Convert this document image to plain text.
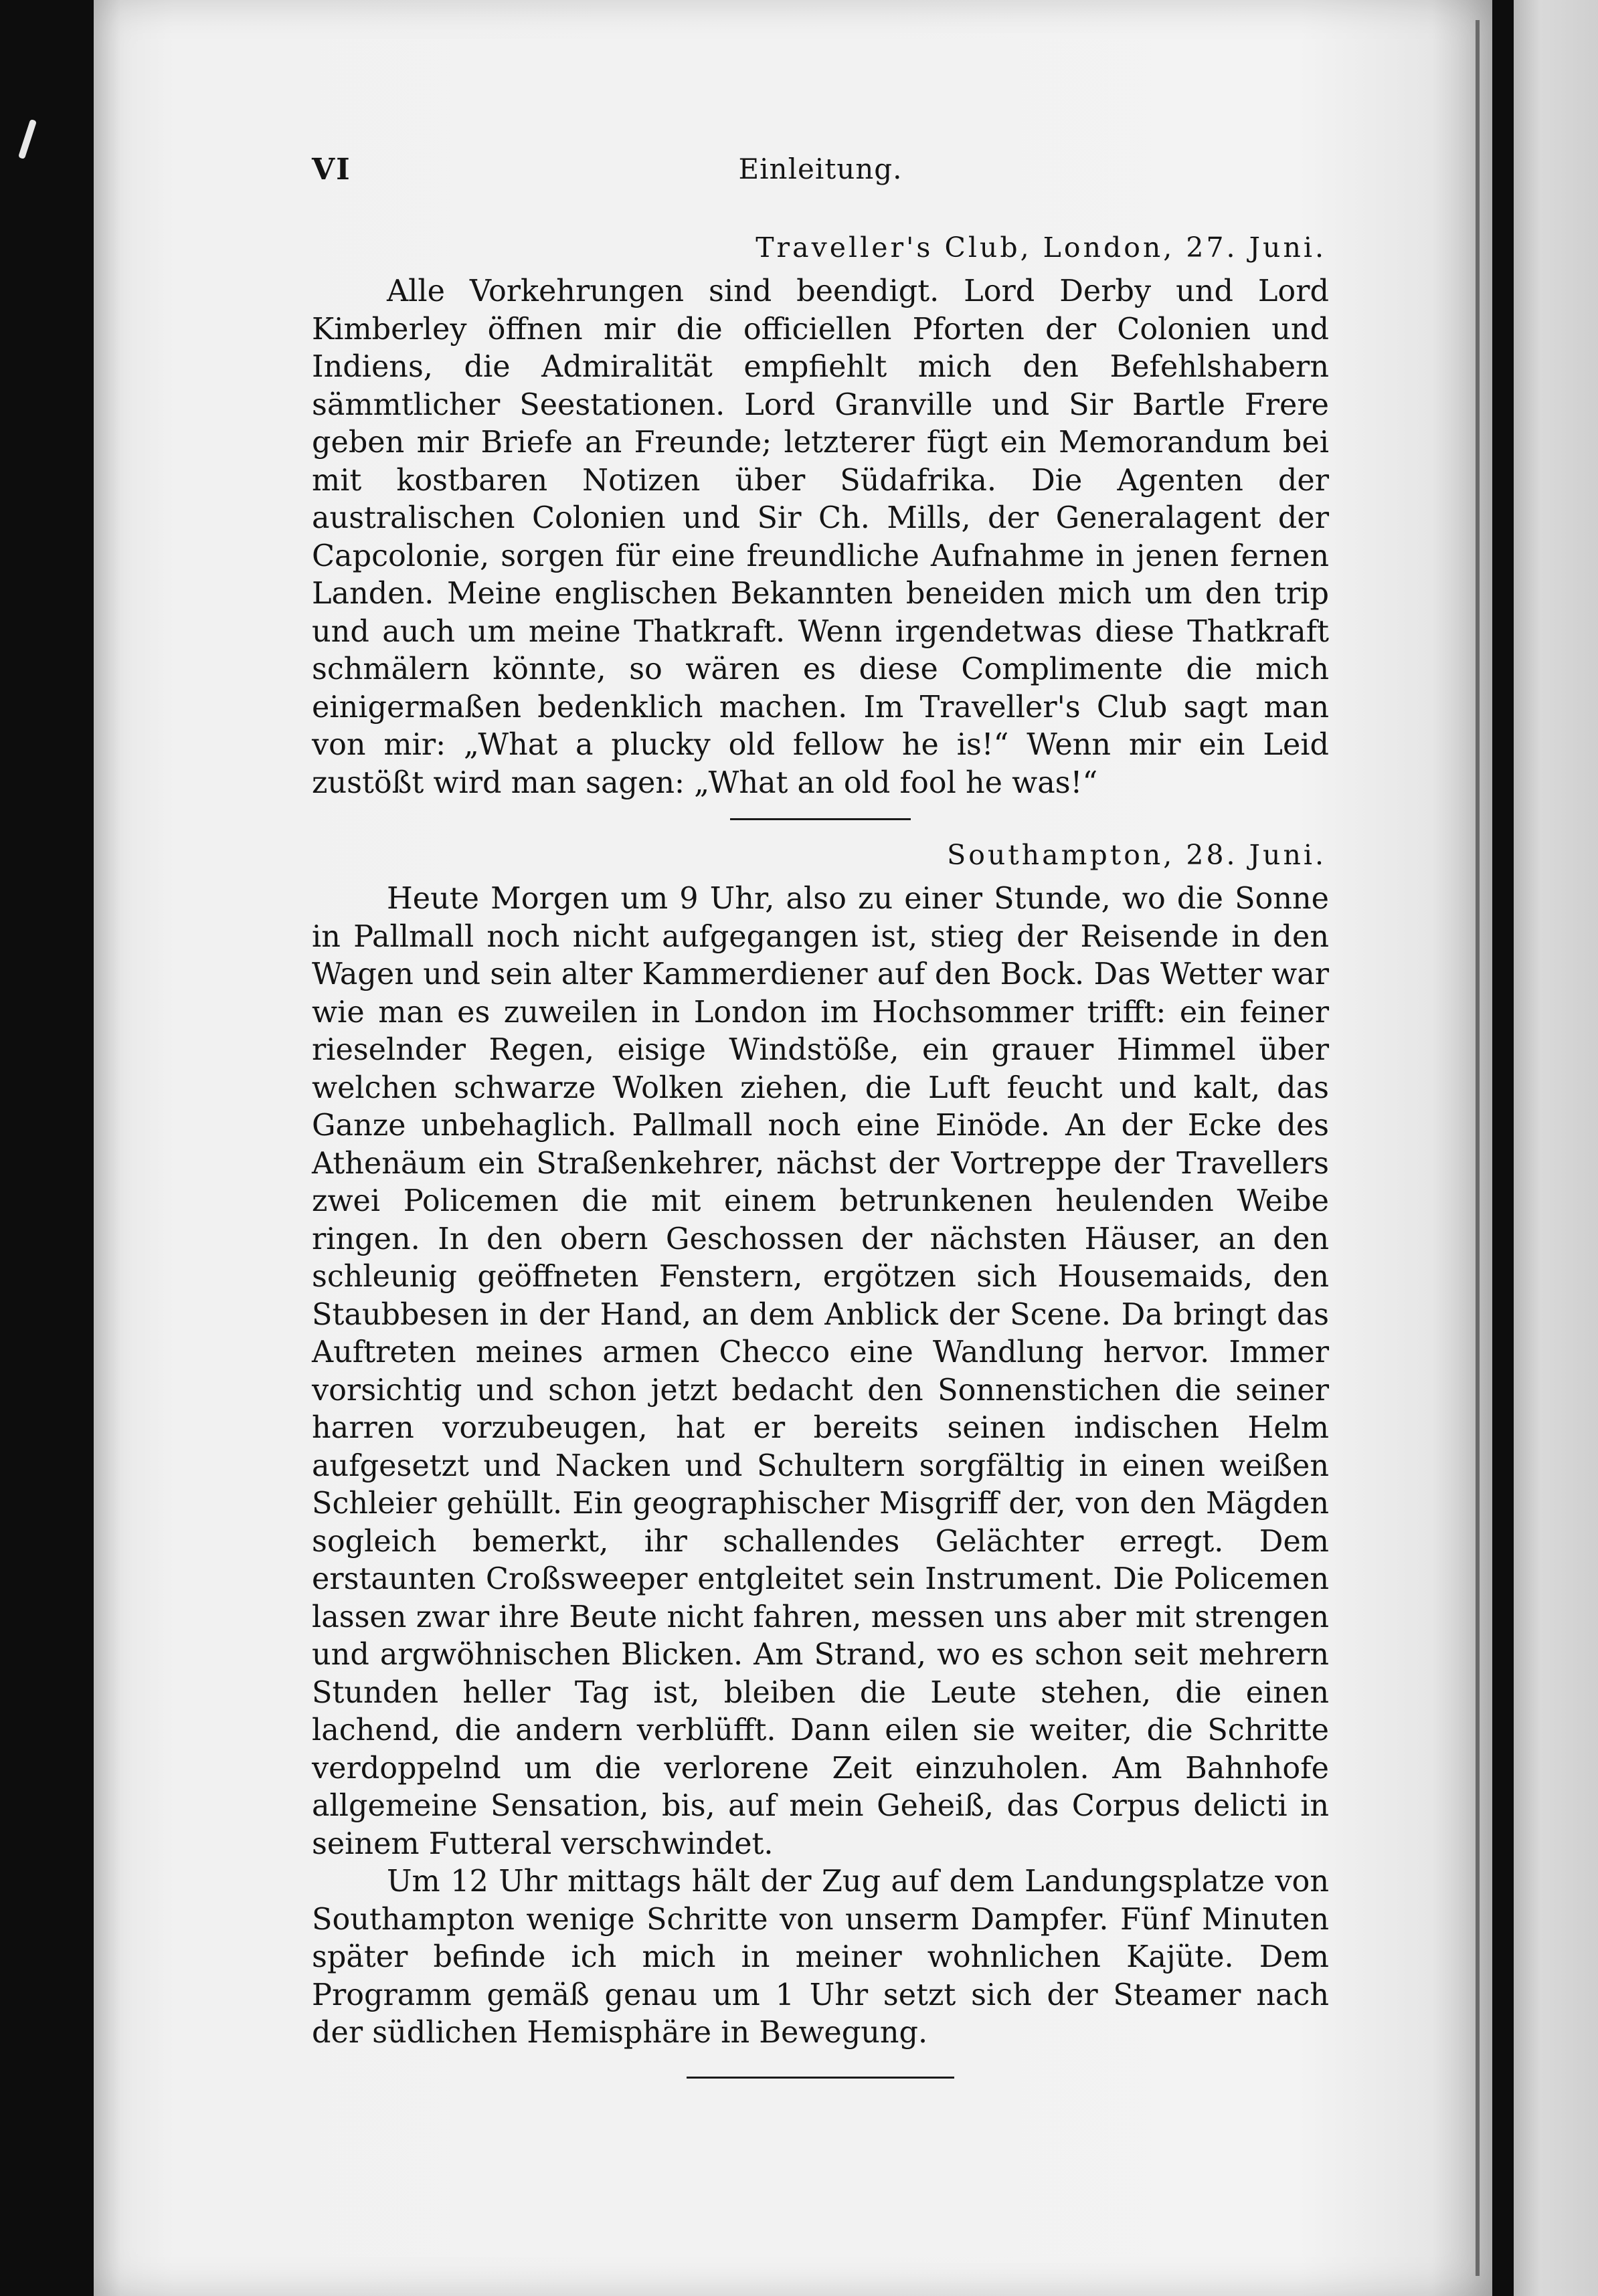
VI	Einleitung.
Traveller's Club, London, 27. Juni.

Alle Vorkehrungen sind beendigt. Lord Derby und Lord Kimberley öffnen mir die officiellen Pforten der Colonien und Indiens, die Admiralität empfiehlt mich den Befehlshabern sämmtlicher Seestationen. Lord Granville und Sir Bartle Frere geben mir Briefe an Freunde; letzterer fügt ein Memorandum bei mit kostbaren Notizen über Südafrika. Die Agenten der australischen Colonien und Sir Ch. Mills, der Generalagent der Capcolonie, sorgen für eine freundliche Aufnahme in jenen fernen Landen. Meine englischen Bekannten beneiden mich um den trip und auch um meine Thatkraft. Wenn irgendetwas diese Thatkraft schmälern könnte, so wären es diese Complimente die mich einigermaßen bedenklich machen. Im Traveller's Club sagt man von mir: „What a plucky old fellow he is!“ Wenn mir ein Leid zustößt wird man sagen: „What an old fool he was!“

Southampton, 28. Juni.

Heute Morgen um 9 Uhr, also zu einer Stunde, wo die Sonne in Pallmall noch nicht aufgegangen ist, stieg der Reisende in den Wagen und sein alter Kammerdiener auf den Bock. Das Wetter war wie man es zuweilen in London im Hochsommer trifft: ein feiner rieselnder Regen, eisige Windstöße, ein grauer Himmel über welchen schwarze Wolken ziehen, die Luft feucht und kalt, das Ganze unbehaglich. Pallmall noch eine Einöde. An der Ecke des Athenäum ein Straßenkehrer, nächst der Vortreppe der Travellers zwei Policemen die mit einem betrunkenen heulenden Weibe ringen. In den obern Geschossen der nächsten Häuser, an den schleunig geöffneten Fenstern, ergötzen sich Housemaids, den Staubbesen in der Hand, an dem Anblick der Scene. Da bringt das Auftreten meines armen Checco eine Wandlung hervor. Immer vorsichtig und schon jetzt bedacht den Sonnenstichen die seiner harren vorzubeugen, hat er bereits seinen indischen Helm aufgesetzt und Nacken und Schultern sorgfältig in einen weißen Schleier gehüllt. Ein geographischer Misgriff der, von den Mägden sogleich bemerkt, ihr schallendes Gelächter erregt. Dem erstaunten Croßsweeper entgleitet sein Instrument. Die Policemen lassen zwar ihre Beute nicht fahren, messen uns aber mit strengen und argwöhnischen Blicken. Am Strand, wo es schon seit mehrern Stunden heller Tag ist, bleiben die Leute stehen, die einen lachend, die andern verblüfft. Dann eilen sie weiter, die Schritte verdoppelnd um die verlorene Zeit einzuholen. Am Bahnhofe allgemeine Sensation, bis, auf mein Geheiß, das Corpus delicti in seinem Futteral verschwindet.

Um 12 Uhr mittags hält der Zug auf dem Landungsplatze von Southampton wenige Schritte von unserm Dampfer. Fünf Minuten später befinde ich mich in meiner wohnlichen Kajüte. Dem Programm gemäß genau um 1 Uhr setzt sich der Steamer nach der südlichen Hemisphäre in Bewegung.
